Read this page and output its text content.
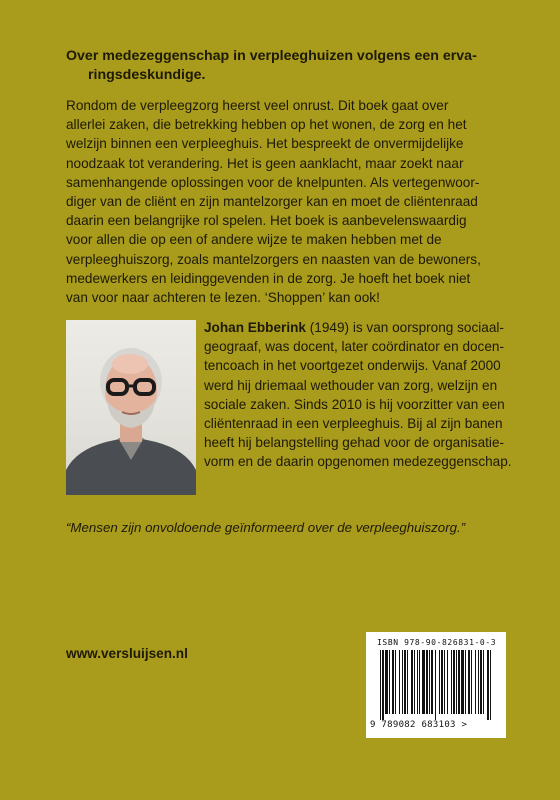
Over medezeggenschap in verpleeghuizen volgens een erva-
ringsdeskundige.

Rondom de verpleegzorg heerst veel onrust. Dit boek gaat over
allerlei zaken, die betrekking hebben op het wonen, de zorg en het
welzijn binnen een verpleeghuis. Het bespreekt de onvermijdelijke
noodzaak tot verandering. Het is geen aanklacht, maar zoekt naar
samenhangende oplossingen voor de knelpunten. Als vertegenwoor-
diger van de cliënt en zijn mantelzorger kan en moet de cliëntenraad
daarin een belangrijke rol spelen. Het boek is aanbevelenswaardig
voor allen die op een of andere wijze te maken hebben met de
verpleeghuiszorg, zoals mantelzorgers en naasten van de bewoners,
medewerkers en leidinggevenden in de zorg. Je hoeft het boek niet
van voor naar achteren te lezen. ‘Shoppen’ kan ook!

Johan Ebberink (1949) is van oorsprong sociaal-
geograaf, was docent, later coördinator en docen-
tencoach in het voortgezet onderwijs. Vanaf 2000
werd hij driemaal wethouder van zorg, welzijn en
sociale zaken. Sinds 2010 is hij voorzitter van een
cliëntenraad in een verpleeghuis. Bij al zijn banen
heeft hij belangstelling gehad voor de organisatie-
vorm en de daarin opgenomen medezeggenschap.

“Mensen zijn onvoldoende geïnformeerd over de verpleeghuiszorg.”

www.versluijsen.nl

ISBN 978-90-826831-0-3
9 789082 683103 >
